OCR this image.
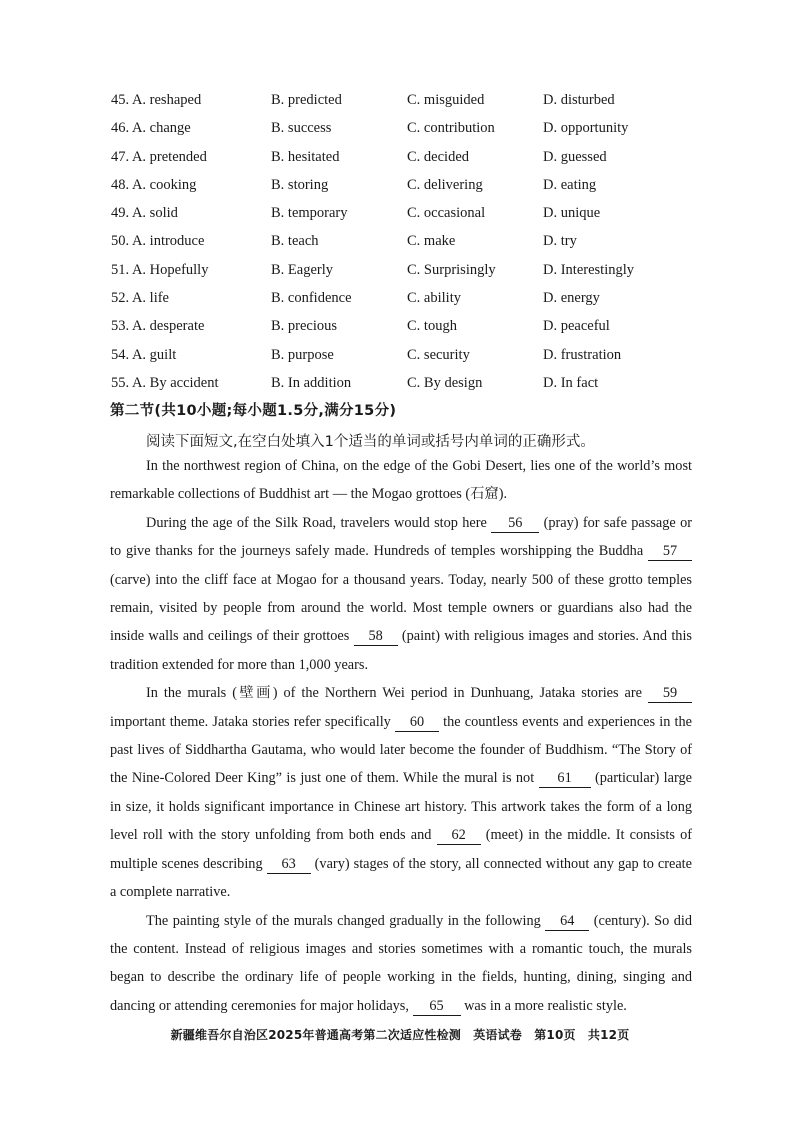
45. A. reshaped	B. predicted	C. misguided	D. disturbed
46. A. change	B. success	C. contribution	D. opportunity
47. A. pretended	B. hesitated	C. decided	D. guessed
48. A. cooking	B. storing	C. delivering	D. eating
49. A. solid	B. temporary	C. occasional	D. unique
50. A. introduce	B. teach	C. make	D. try
51. A. Hopefully	B. Eagerly	C. Surprisingly	D. Interestingly
52. A. life	B. confidence	C. ability	D. energy
53. A. desperate	B. precious	C. tough	D. peaceful
54. A. guilt	B. purpose	C. security	D. frustration
55. A. By accident	B. In addition	C. By design	D. In fact
第二节(共10小题;每小题1.5分,满分15分)
阅读下面短文,在空白处填入1个适当的单词或括号内单词的正确形式。

In the northwest region of China, on the edge of the Gobi Desert, lies one of the world’s most remarkable collections of Buddhist art — the Mogao grottoes (石窟).

During the age of the Silk Road, travelers would stop here 56 (pray) for safe passage or to give thanks for the journeys safely made. Hundreds of temples worshipping the Buddha 57 (carve) into the cliff face at Mogao for a thousand years. Today, nearly 500 of these grotto temples remain, visited by people from around the world. Most temple owners or guardians also had the inside walls and ceilings of their grottoes 58 (paint) with religious images and stories. And this tradition extended for more than 1,000 years.

In the murals (壁画) of the Northern Wei period in Dunhuang, Jataka stories are 59 important theme. Jataka stories refer specifically 60 the countless events and experiences in the past lives of Siddhartha Gautama, who would later become the founder of Buddhism. “The Story of the Nine-Colored Deer King” is just one of them. While the mural is not 61 (particular) large in size, it holds significant importance in Chinese art history. This artwork takes the form of a long level roll with the story unfolding from both ends and 62 (meet) in the middle. It consists of multiple scenes describing 63 (vary) stages of the story, all connected without any gap to create a complete narrative.

The painting style of the murals changed gradually in the following 64 (century). So did the content. Instead of religious images and stories sometimes with a romantic touch, the murals began to describe the ordinary life of people working in the fields, hunting, dining, singing and dancing or attending ceremonies for major holidays, 65 was in a more realistic style.

新疆维吾尔自治区2025年普通高考第二次适应性检测　英语试卷　第10页　共12页
